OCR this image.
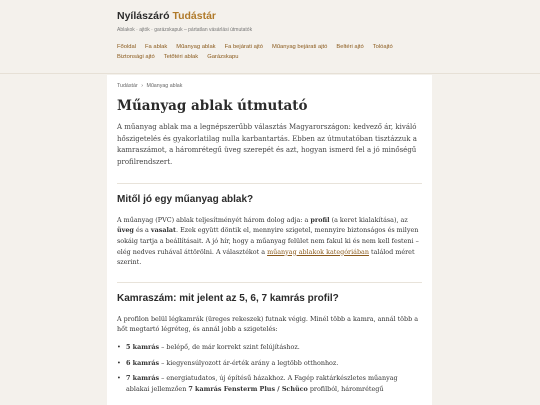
Nyílászáró Tudástár
Ablakok · ajtók · garázskapuk – pártatlan vásárlási útmutatók
Főoldal Fa ablak Műanyag ablak Fa bejárati ajtó Műanyag bejárati ajtó Beltéri ajtó Tolóajtó
Biztonsági ajtó Tetőtéri ablak Garázskapu
Tudástár › Műanyag ablak
Műanyag ablak útmutató

A műanyag ablak ma a legnépszerűbb választás Magyarországon: kedvező ár, kiváló hőszigetelés és gyakorlatilag nulla karbantartás. Ebben az útmutatóban tisztázzuk a kamraszámot, a háromrétegű üveg szerepét és azt, hogyan ismerd fel a jó minőségű profilrendszert.

Mitől jó egy műanyag ablak?

A műanyag (PVC) ablak teljesítményét három dolog adja: a profil (a keret kialakítása), az üveg és a vasalat. Ezek együtt döntik el, mennyire szigetel, mennyire biztonságos és milyen sokáig tartja a beállításait. A jó hír, hogy a műanyag felület nem fakul ki és nem kell festeni – elég nedves ruhával áttörölni. A választékot a műanyag ablakok kategóriában találod méret szerint.

Kamraszám: mit jelent az 5, 6, 7 kamrás profil?

A profilon belül légkamrák (üreges rekeszek) futnak végig. Minél több a kamra, annál több a hőt megtartó légréteg, és annál jobb a szigetelés:

• 5 kamrás – belépő, de már korrekt szint felújításhoz.
• 6 kamrás – kiegyensúlyozott ár-érték arány a legtöbb otthonhoz.
• 7 kamrás – energiatudatos, új építésű házakhoz. A Fagép raktárkészletes műanyag ablakai jellemzően 7 kamrás Fensterm Plus / Schüco profilból, háromrétegű
